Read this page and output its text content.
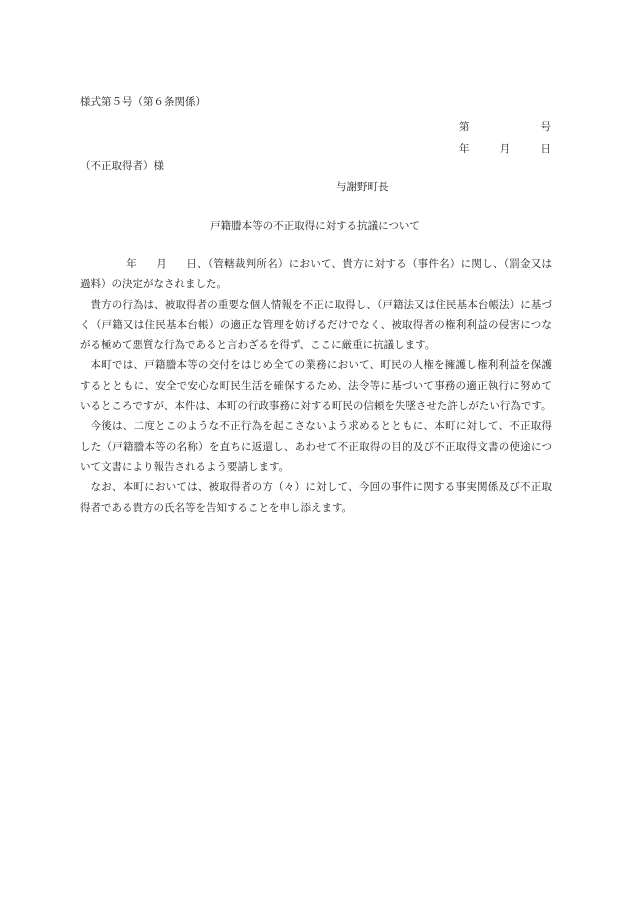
様式第５号（第６条関係）
第	号
年	月	日
（不正取得者）様
与謝野町長
戸籍謄本等の不正取得に対する抗議について

年 月 日、（管轄裁判所名）において、貴方に対する（事件名）に関し、（罰金又は過料）の決定がなされました。

貴方の行為は、被取得者の重要な個人情報を不正に取得し、（戸籍法又は住民基本台帳法）に基づく（戸籍又は住民基本台帳）の適正な管理を妨げるだけでなく、被取得者の権利利益の侵害につながる極めて悪質な行為であると言わざるを得ず、ここに厳重に抗議します。

本町では、戸籍謄本等の交付をはじめ全ての業務において、町民の人権を擁護し権利利益を保護するとともに、安全で安心な町民生活を確保するため、法令等に基づいて事務の適正執行に努めているところですが、本件は、本町の行政事務に対する町民の信頼を失墜させた許しがたい行為です。

今後は、二度とこのような不正行為を起こさないよう求めるとともに、本町に対して、不正取得した（戸籍謄本等の名称）を直ちに返還し、あわせて不正取得の目的及び不正取得文書の使途について文書により報告されるよう要請します。

なお、本町においては、被取得者の方（々）に対して、今回の事件に関する事実関係及び不正取得者である貴方の氏名等を告知することを申し添えます。
